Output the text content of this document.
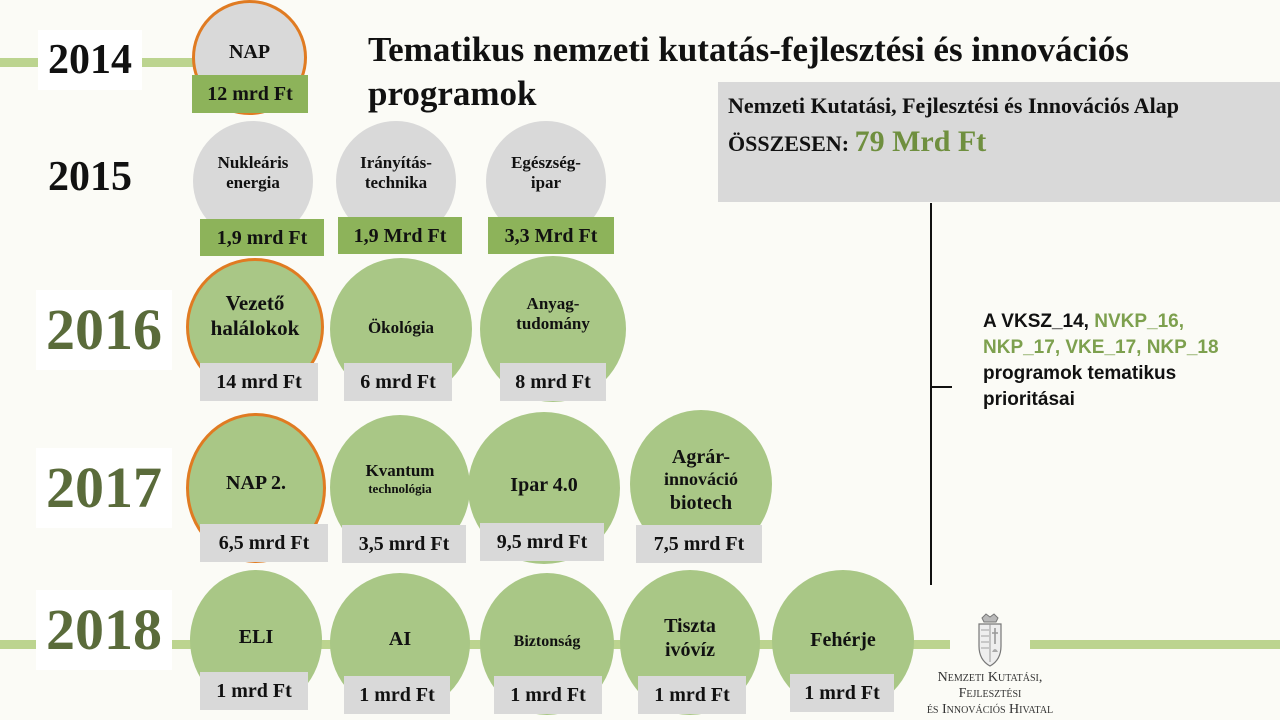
2014
2015
2016
2017
2018
Tematikus nemzeti kutatás-fejlesztési és innovációs programok	Nemzeti Kutatási, Fejlesztési és Innovációs Alap
ÖSSZESEN: 79 Mrd Ft
A VKSZ_14, NVKP_16, NKP_17, VKE_17, NKP_18 programok tematikus prioritásai
NAP
12 mrd Ft
Nukleáris
energia
1,9 mrd Ft
Irányítás-
technika
1,9 Mrd Ft
Egészség-
ipar
3,3 Mrd Ft
Vezető
halálokok
14 mrd Ft
Ökológia
6 mrd Ft
Anyag-
tudomány
8 mrd Ft
NAP 2.
6,5 mrd Ft
Kvantum
technológia
3,5 mrd Ft
Ipar 4.0
9,5 mrd Ft
Agrár-
innováció
biotech
7,5 mrd Ft
ELI
1 mrd Ft
AI
1 mrd Ft
Biztonság
1 mrd Ft
Tiszta
ivóvíz
1 mrd Ft
Fehérje
1 mrd Ft
Nemzeti Kutatási, Fejlesztési
és Innovációs Hivatal
